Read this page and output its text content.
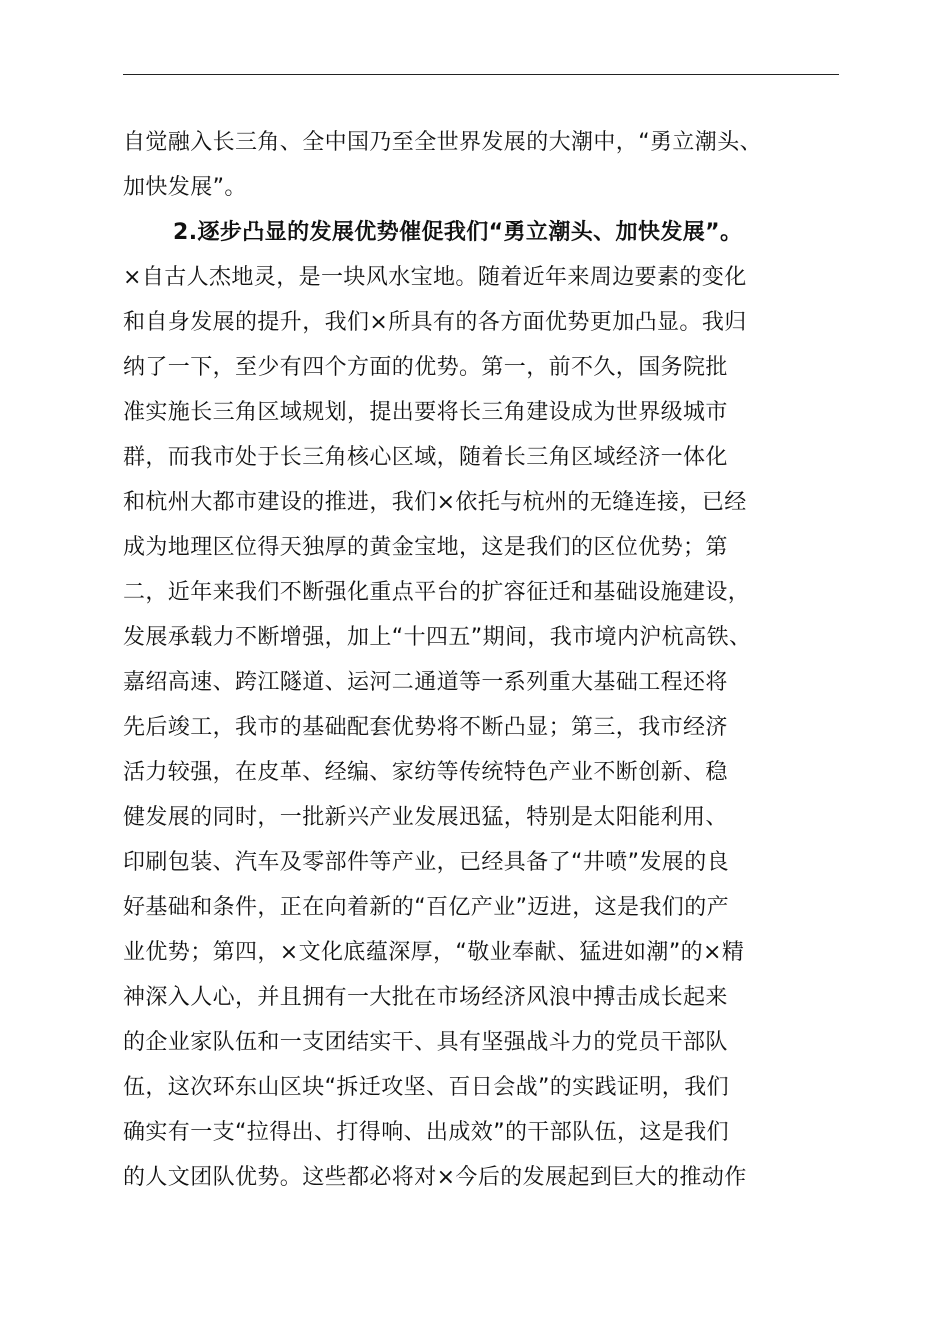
自觉融入长三角、全中国乃至全世界发展的大潮中，“勇立潮头、
加快发展”。
2.逐步凸显的发展优势催促我们“勇立潮头、加快发展”。
×自古人杰地灵，是一块风水宝地。随着近年来周边要素的变化
和自身发展的提升，我们×所具有的各方面优势更加凸显。我归
纳了一下，至少有四个方面的优势。第一，前不久，国务院批
准实施长三角区域规划，提出要将长三角建设成为世界级城市
群，而我市处于长三角核心区域，随着长三角区域经济一体化
和杭州大都市建设的推进，我们×依托与杭州的无缝连接，已经
成为地理区位得天独厚的黄金宝地，这是我们的区位优势；第
二，近年来我们不断强化重点平台的扩容征迁和基础设施建设，
发展承载力不断增强，加上“十四五”期间，我市境内沪杭高铁、
嘉绍高速、跨江隧道、运河二通道等一系列重大基础工程还将
先后竣工，我市的基础配套优势将不断凸显；第三，我市经济
活力较强，在皮革、经编、家纺等传统特色产业不断创新、稳
健发展的同时，一批新兴产业发展迅猛，特别是太阳能利用、
印刷包装、汽车及零部件等产业，已经具备了“井喷”发展的良
好基础和条件，正在向着新的“百亿产业”迈进，这是我们的产
业优势；第四，×文化底蕴深厚，“敬业奉献、猛进如潮”的×精
神深入人心，并且拥有一大批在市场经济风浪中搏击成长起来
的企业家队伍和一支团结实干、具有坚强战斗力的党员干部队
伍，这次环东山区块“拆迁攻坚、百日会战”的实践证明，我们
确实有一支“拉得出、打得响、出成效”的干部队伍，这是我们
的人文团队优势。这些都必将对×今后的发展起到巨大的推动作
